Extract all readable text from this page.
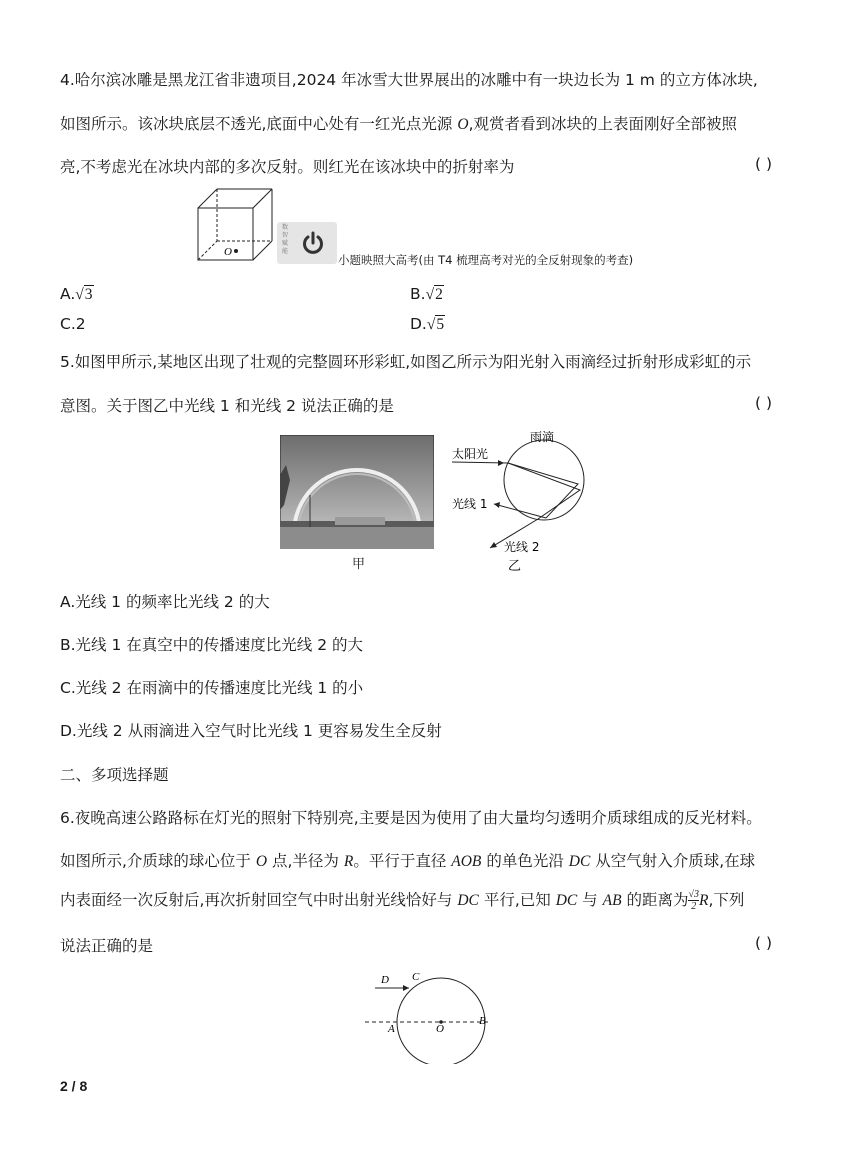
4.哈尔滨冰雕是黑龙江省非遗项目,2024 年冰雪大世界展出的冰雕中有一块边长为 1 m 的立方体冰块,
如图所示。该冰块底层不透光,底面中心处有一红光点光源 O,观赏者看到冰块的上表面刚好全部被照
亮,不考虑光在冰块内部的多次反射。则红光在该冰块中的折射率为	( )
O
数智赋能
小题映照大高考(由 T4 梳理高考对光的全反射现象的考查)
A.√3	B.√2
C.2	D.√5
5.如图甲所示,某地区出现了壮观的完整圆环形彩虹,如图乙所示为阳光射入雨滴经过折射形成彩虹的示
意图。关于图乙中光线 1 和光线 2 说法正确的是	( )
甲
雨滴
太阳光
光线 1
光线 2
乙
A.光线 1 的频率比光线 2 的大
B.光线 1 在真空中的传播速度比光线 2 的大
C.光线 2 在雨滴中的传播速度比光线 1 的小
D.光线 2 从雨滴进入空气时比光线 1 更容易发生全反射
二、多项选择题
6.夜晚高速公路路标在灯光的照射下特别亮,主要是因为使用了由大量均匀透明介质球组成的反光材料。
如图所示,介质球的球心位于 O 点,半径为 R。平行于直径 AOB 的单色光沿 DC 从空气射入介质球,在球
内表面经一次反射后,再次折射回空气中时出射光线恰好与 DC 平行,已知 DC 与 AB 的距离为 $\frac{√3}{2} R$,下列
说法正确的是	( )
D C
A	O
B
2 / 8
